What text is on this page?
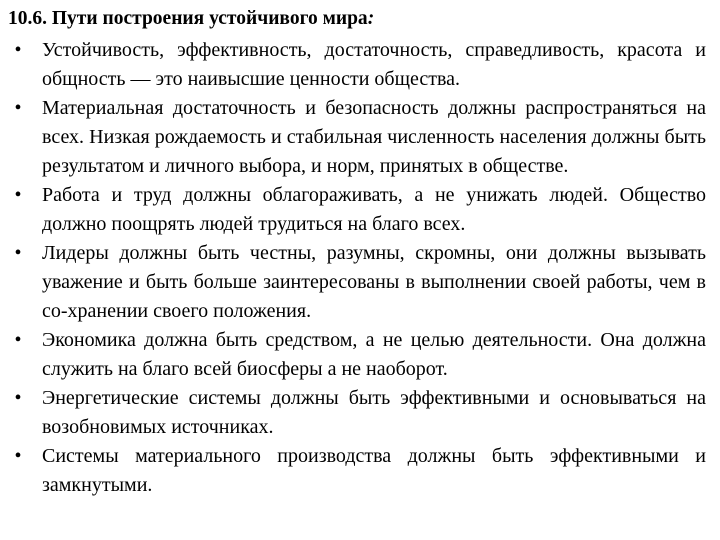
10.6. Пути построения устойчивого мира:
•	Устойчивость, эффективность, достаточность, справедливость, красота и общность — это наивысшие ценности общества.
•	Материальная достаточность и безопасность должны распространяться на всех. Низкая рождаемость и стабильная численность населения должны быть результатом и личного выбора, и норм, принятых в обществе.
•	Работа и труд должны облагораживать, а не унижать людей. Общество должно поощрять людей трудиться на благо всех.
•	Лидеры должны быть честны, разумны, скромны, они должны вызывать уважение и быть больше заинтересованы в выполнении своей работы, чем в со-хранении своего положения.
•	Экономика должна быть средством, а не целью деятельности. Она должна служить на благо всей биосферы а не наоборот.
•	Энергетические системы должны быть эффективными и основываться на возобновимых источниках.
•	Системы материального производства должны быть эффективными и замкнутыми.
